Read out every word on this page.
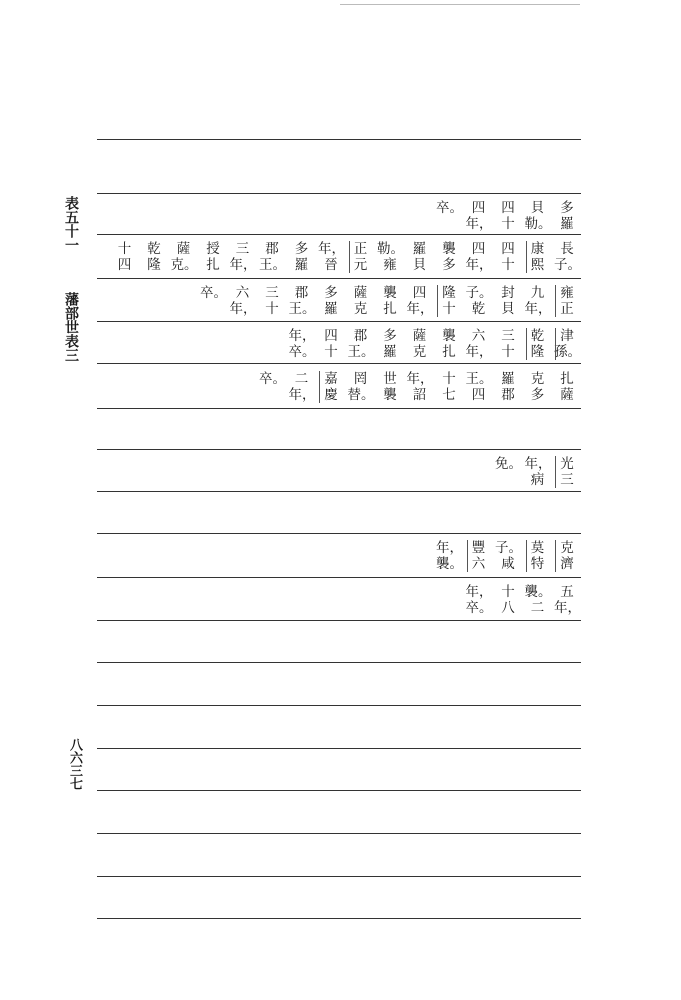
表五十一
藩部世表三
八六三七
多
羅
貝
勒。
四
十
四
年，
卒。

長
子。
康
熙
四
十
四
年，
襲
多
羅
貝
勒。
雍
正
元
年，
晉
多
羅
郡
王。
三
年，
授
扎
薩
克。
乾
隆
十
四
雍
正
九
年，
封
貝
子。
乾
隆
十
四
年，
襲
扎
薩
克
多
羅
郡
王。
三
十
六
年，
卒。

津
孫。
乾
隆
三
十
六
年，
襲
扎
薩
克
多
羅
郡
王。
四
十
年，
卒。
扎
薩
克
多
羅
郡
王。
四
十
七
年，
詔
世
襲
罔
替。
嘉
慶
二
年，
卒。

光
三
年，
病
免。

克
濟
莫
特
子。
咸
豐
六
年，
襲。
五
年，
襲。
二
十
八
年，
卒。
